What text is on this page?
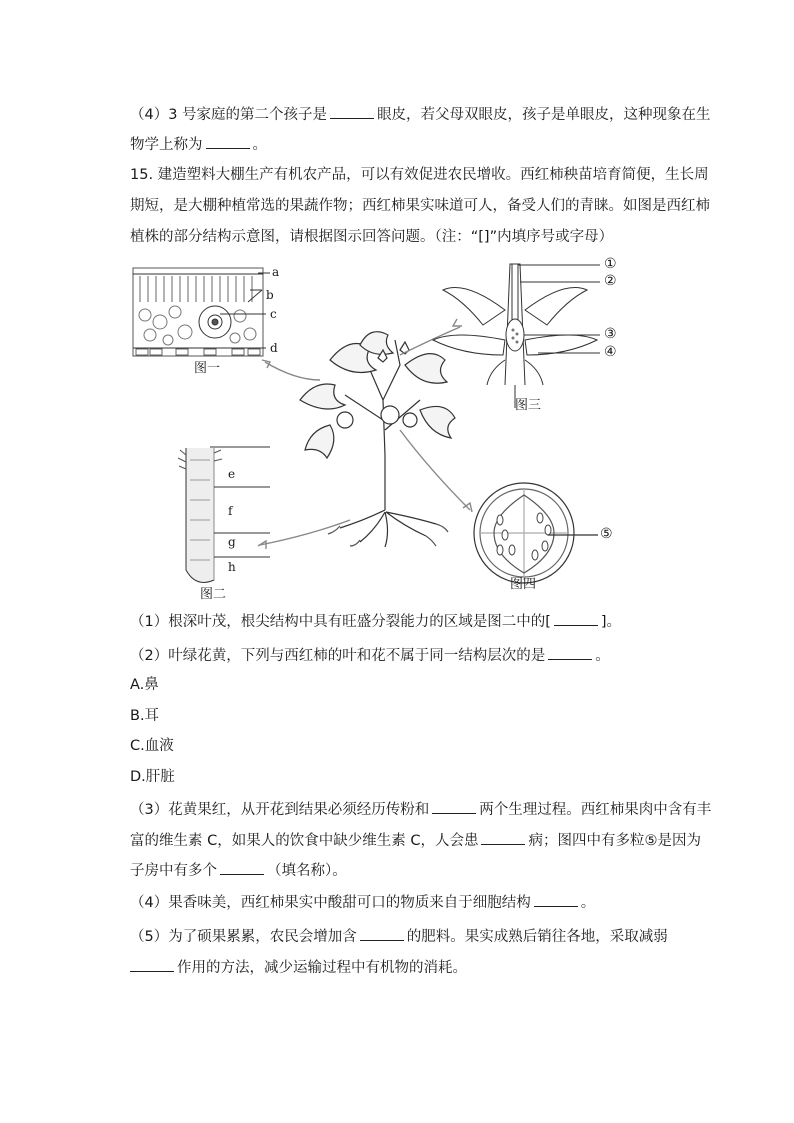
（4）3 号家庭的第二个孩子是	眼皮，若父母双眼皮，孩子是单眼皮，这种现象在生
物学上称为	。
15. 建造塑料大棚生产有机农产品，可以有效促进农民增收。西红柿秧苗培育简便，生长周
期短，是大棚种植常选的果蔬作物；西红柿果实味道可人，备受人们的青睐。如图是西红柿
植株的部分结构示意图，请根据图示回答问题。（注：“[]”内填序号或字母）
图一
图二
图三
图四
a
b
c
d
e
f
g
h
①
②
③
④
⑤
（1）根深叶茂，根尖结构中具有旺盛分裂能力的区域是图二中的[	]。
（2）叶绿花黄，下列与西红柿的叶和花不属于同一结构层次的是	。
A.鼻
B.耳
C.血液
D.肝脏
（3）花黄果红，从开花到结果必须经历传粉和	两个生理过程。西红柿果肉中含有丰
富的维生素 C，如果人的饮食中缺少维生素 C，人会患	病；图四中有多粒⑤是因为
子房中有多个	（填名称）。
（4）果香味美，西红柿果实中酸甜可口的物质来自于细胞结构	。
（5）为了硕果累累，农民会增加含	的肥料。果实成熟后销往各地，采取减弱
作用的方法，减少运输过程中有机物的消耗。
